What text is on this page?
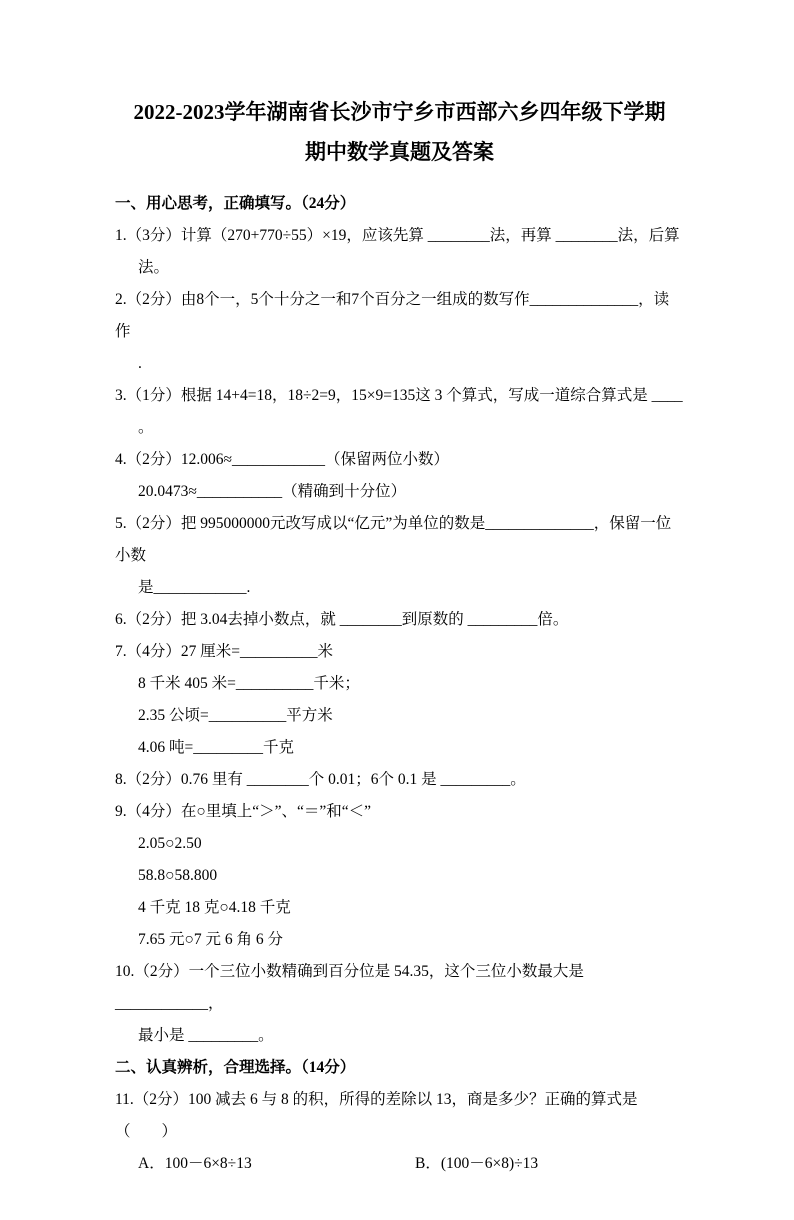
2022-2023学年湖南省长沙市宁乡市西部六乡四年级下学期
期中数学真题及答案
一、用心思考，正确填写。（24分）
1.（3分）计算（270+770÷55）×19，应该先算 ________法，再算 ________法，后算
法。
2.（2分）由8个一，5个十分之一和7个百分之一组成的数写作______________，读作
.
3.（1分）根据 14+4=18，18÷2=9，15×9=135这 3 个算式，写成一道综合算式是 ____
。
4.（2分）12.006≈____________（保留两位小数）
20.0473≈___________（精确到十分位）
5.（2分）把 995000000元改写成以“亿元”为单位的数是______________，保留一位小数
是____________.
6.（2分）把 3.04去掉小数点，就 ________到原数的 _________倍。
7.（4分）27 厘米=__________米
8 千米 405 米=__________千米；
2.35 公顷=__________平方米
4.06 吨=_________千克
8.（2分）0.76 里有 ________个 0.01；6个 0.1 是 _________。
9.（4分）在○里填上“＞”、“＝”和“＜”
2.05○2.50
58.8○58.800
4 千克 18 克○4.18 千克
7.65 元○7 元 6 角 6 分
10.（2分）一个三位小数精确到百分位是 54.35，这个三位小数最大是 ____________，
最小是 _________。
二、认真辨析，合理选择。（14分）
11.（2分）100 减去 6 与 8 的积，所得的差除以 13，商是多少？正确的算式是（　　）
A．100－6×8÷13	B．(100－6×8)÷13
